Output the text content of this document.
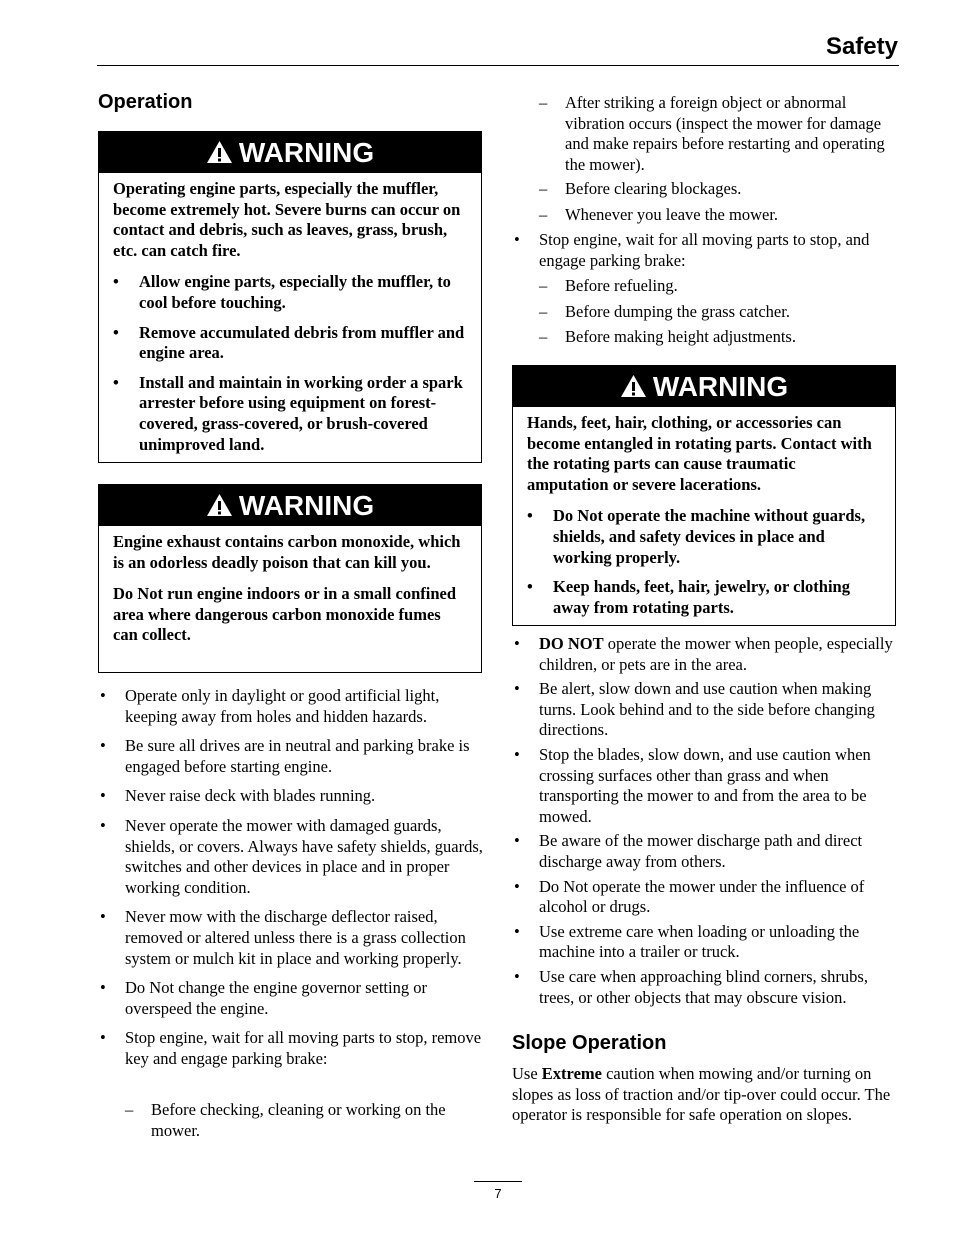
Safety
Operation
WARNING

Operating engine parts, especially the muffler, become extremely hot. Severe burns can occur on contact and debris, such as leaves, grass, brush, etc. can catch fire.

• Allow engine parts, especially the muffler, to cool before touching.
• Remove accumulated debris from muffler and engine area.
• Install and maintain in working order a spark arrester before using equipment on forest-covered, grass-covered, or brush-covered unimproved land.
WARNING

Engine exhaust contains carbon monoxide, which is an odorless deadly poison that can kill you.

Do Not run engine indoors or in a small confined area where dangerous carbon monoxide fumes can collect.

• Operate only in daylight or good artificial light, keeping away from holes and hidden hazards.
• Be sure all drives are in neutral and parking brake is engaged before starting engine.
• Never raise deck with blades running.
• Never operate the mower with damaged guards, shields, or covers. Always have safety shields, guards, switches and other devices in place and in proper working condition.
• Never mow with the discharge deflector raised, removed or altered unless there is a grass collection system or mulch kit in place and working properly.
• Do Not change the engine governor setting or overspeed the engine.
• Stop engine, wait for all moving parts to stop, remove key and engage parking brake:
– Before checking, cleaning or working on the mower.
– After striking a foreign object or abnormal vibration occurs (inspect the mower for damage and make repairs before restarting and operating the mower).
– Before clearing blockages.
– Whenever you leave the mower.
• Stop engine, wait for all moving parts to stop, and engage parking brake:
– Before refueling.
– Before dumping the grass catcher.
– Before making height adjustments.
WARNING

Hands, feet, hair, clothing, or accessories can become entangled in rotating parts. Contact with the rotating parts can cause traumatic amputation or severe lacerations.

• Do Not operate the machine without guards, shields, and safety devices in place and working properly.
• Keep hands, feet, hair, jewelry, or clothing away from rotating parts.
• DO NOT operate the mower when people, especially children, or pets are in the area.
• Be alert, slow down and use caution when making turns. Look behind and to the side before changing directions.
• Stop the blades, slow down, and use caution when crossing surfaces other than grass and when transporting the mower to and from the area to be mowed.
• Be aware of the mower discharge path and direct discharge away from others.
• Do Not operate the mower under the influence of alcohol or drugs.
• Use extreme care when loading or unloading the machine into a trailer or truck.
• Use care when approaching blind corners, shrubs, trees, or other objects that may obscure vision.
Slope Operation

Use Extreme caution when mowing and/or turning on slopes as loss of traction and/or tip-over could occur. The operator is responsible for safe operation on slopes.

7
